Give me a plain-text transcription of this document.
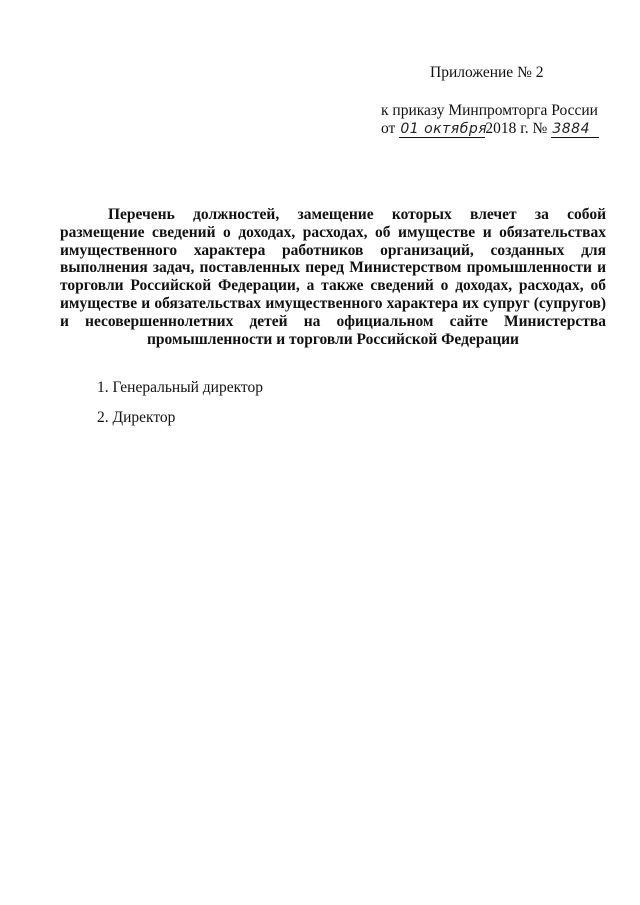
Приложение № 2
к приказу Минпромторга России
от 01 октября
2018 г. № 3884

Перечень должностей, замещение которых влечет за собой размещение сведений о доходах, расходах, об имуществе и обязательствах имущественного характера работников организаций, созданных для выполнения задач, поставленных перед Министерством промышленности и торговли Российской Федерации, а также сведений о доходах, расходах, об имуществе и обязательствах имущественного характера их супруг (супругов) и несовершеннолетних детей на официальном сайте Министерства промышленности и торговли Российской Федерации

1. Генеральный директор
2. Директор
